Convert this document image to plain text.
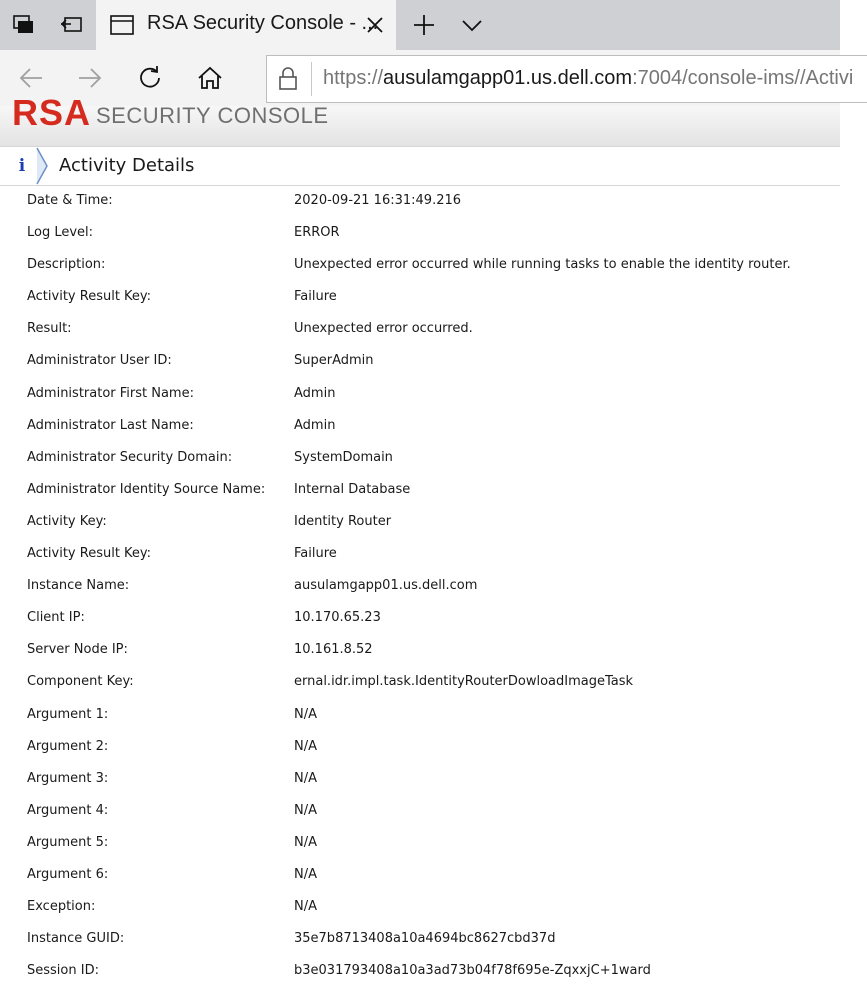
RSA Security Console - ...
https://ausulamgapp01.us.dell.com:7004/console-ims//Activi
RSA SECURITY CONSOLE
i	Activity Details
Date & Time:	2020-09-21 16:31:49.216
Log Level:	ERROR
Description:	Unexpected error occurred while running tasks to enable the identity router.
Activity Result Key:	Failure
Result:	Unexpected error occurred.
Administrator User ID:	SuperAdmin
Administrator First Name:	Admin
Administrator Last Name:	Admin
Administrator Security Domain:	SystemDomain
Administrator Identity Source Name: Internal Database
Activity Key:	Identity Router
Activity Result Key:	Failure
Instance Name:	ausulamgapp01.us.dell.com
Client IP:	10.170.65.23
Server Node IP:	10.161.8.52
Component Key:	ernal.idr.impl.task.IdentityRouterDowloadImageTask
Argument 1:	N/A
Argument 2:	N/A
Argument 3:	N/A
Argument 4:	N/A
Argument 5:	N/A
Argument 6:	N/A
Exception:	N/A
Instance GUID:	35e7b8713408a10a4694bc8627cbd37d
Session ID:	b3e031793408a10a3ad73b04f78f695e-ZqxxjC+1ward
